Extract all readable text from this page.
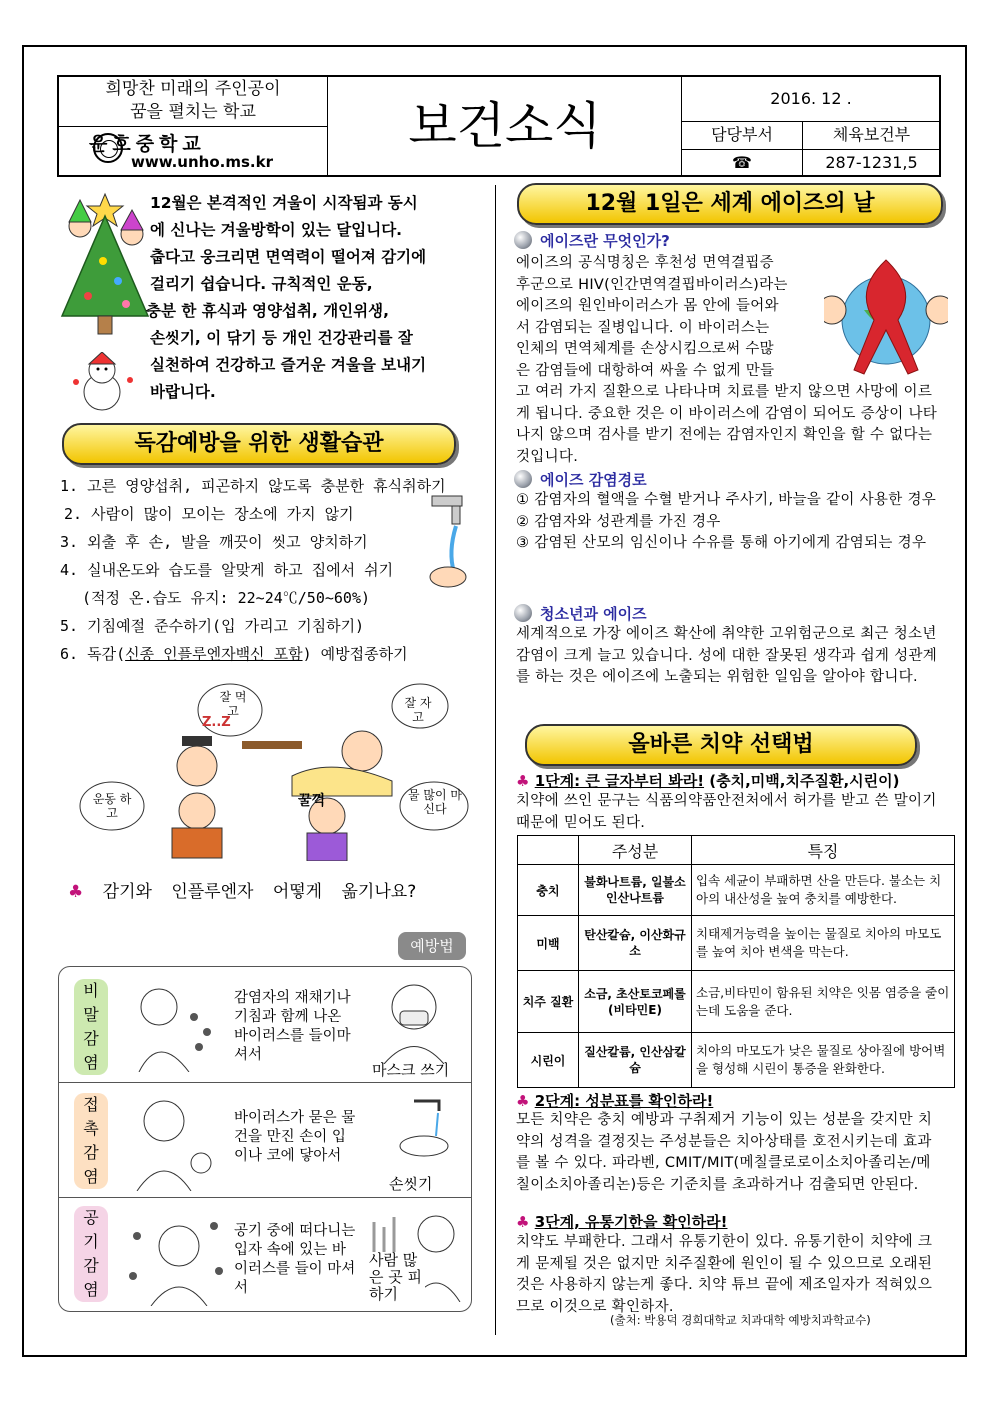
희망찬 미래의 주인공이
꿈을 펼치는 학교
운호중학교
www.unho.ms.kr
보건소식	2016. 12 .
담당부서	체육보건부
☎	287-1231,5
12월은 본격적인 겨울이 시작됨과 동시
에 신나는 겨울방학이 있는 달입니다.
춥다고 웅크리면 면역력이 떨어져 감기에
걸리기 쉽습니다. 규칙적인 운동,
충분 한 휴식과 영양섭취, 개인위생,
손씻기, 이 닦기 등 개인 건강관리를 잘
실천하여 건강하고 즐거운 겨울을 보내기
바랍니다.
독감예방을 위한 생활습관
1. 고른 영양섭취, 피곤하지 않도록 충분한 휴식취하기
2. 사람이 많이 모이는 장소에 가지 않기
3. 외출 후 손, 발을 깨끗이 씻고 양치하기
4. 실내온도와 습도를 알맞게 하고 집에서 쉬기
(적정 온.습도 유지: 22~24℃/50~60%)
5. 기침예절 준수하기(입 가리고 기침하기)
6. 독감(신종 인플루엔자백신 포함) 예방접종하기
Z..Z
잘 먹고
잘 자고
운동 하고
물 많이 마신다
꿀꺽
♣ 감기와 인플루엔자 어떻게 옮기나요?
예방법
비
말
감
염
감염자의 재채기나 기침과 함께 나온 바이러스를 들이마셔서
마스크 쓰기
접
촉
감
염
바이러스가 묻은 물건을 만진 손이 입이나 코에 닿아서
손씻기
공
기
감
염
공기 중에 떠다니는 입자 속에 있는 바이러스를 들이 마셔서
사람 많은 곳 피하기
12월 1일은 세계 에이즈의 날
에이즈란 무엇인가?
에이즈의 공식명칭은 후천성 면역결핍증
후군으로 HIV(인간면역결핍바이러스)라는
에이즈의 원인바이러스가 몸 안에 들어와
서 감염되는 질병입니다. 이 바이러스는
인체의 면역체계를 손상시킴으로써 수많
은 감염들에 대항하여 싸울 수 없게 만들
고 여러 가지 질환으로 나타나며 치료를 받지 않으면 사망에 이르게 됩니다. 중요한 것은 이 바이러스에 감염이 되어도 증상이 나타나지 않으며 검사를 받기 전에는 감염자인지 확인을 할 수 없다는 것입니다.
에이즈 감염경로
① 감염자의 혈액을 수혈 받거나 주사기, 바늘을 같이 사용한 경우
② 감염자와 성관계를 가진 경우
③ 감염된 산모의 임신이나 수유를 통해 아기에게 감염되는 경우
청소년과 에이즈
세계적으로 가장 에이즈 확산에 취약한 고위험군으로 최근 청소년 감염이 크게 늘고 있습니다. 성에 대한 잘못된 생각과 쉽게 성관계를 하는 것은 에이즈에 노출되는 위험한 일임을 알아야 합니다.
올바른 치약 선택법
♣ 1단계: 큰 글자부터 봐라! (충치,미백,치주질환,시린이)
치약에 쓰인 문구는 식품의약품안전처에서 허가를 받고 쓴 말이기 때문에 믿어도 된다.
	주성분	특징
충치	불화나트륨, 일불소인산나트륨	입속 세균이 부패하면 산을 만든다. 불소는 치아의 내산성을 높여 충치를 예방한다.
미백	탄산칼슘, 이산화규소	치태제거능력을 높이는 물질로 치아의 마모도를 높여 치아 변색을 막는다.
치주 질환	소금, 초산토코페롤 (비타민E)	소금,비타민이 함유된 치약은 잇몸 염증을 줄이는데 도움을 준다.
시린이	질산칼륨, 인산삼칼슘	치아의 마모도가 낮은 물질로 상아질에 방어벽을 형성해 시린이 통증을 완화한다.
♣ 2단계: 성분표를 확인하라!
모든 치약은 충치 예방과 구취제거 기능이 있는 성분을 갖지만 치약의 성격을 결정짓는 주성분들은 치아상태를 호전시키는데 효과를 볼 수 있다. 파라벤, CMIT/MIT(메칠클로로이소치아졸리논/메칠이소치아졸리논)등은 기준치를 초과하거나 검출되면 안된다.
♣ 3단계, 유통기한을 확인하라!
치약도 부패한다. 그래서 유통기한이 있다. 유통기한이 치약에 크게 문제될 것은 없지만 치주질환에 원인이 될 수 있으므로 오래된 것은 사용하지 않는게 좋다. 치약 튜브 끝에 제조일자가 적혀있으므로 이것으로 확인하자.
(출처: 박용덕 경희대학교 치과대학 예방치과학교수)
